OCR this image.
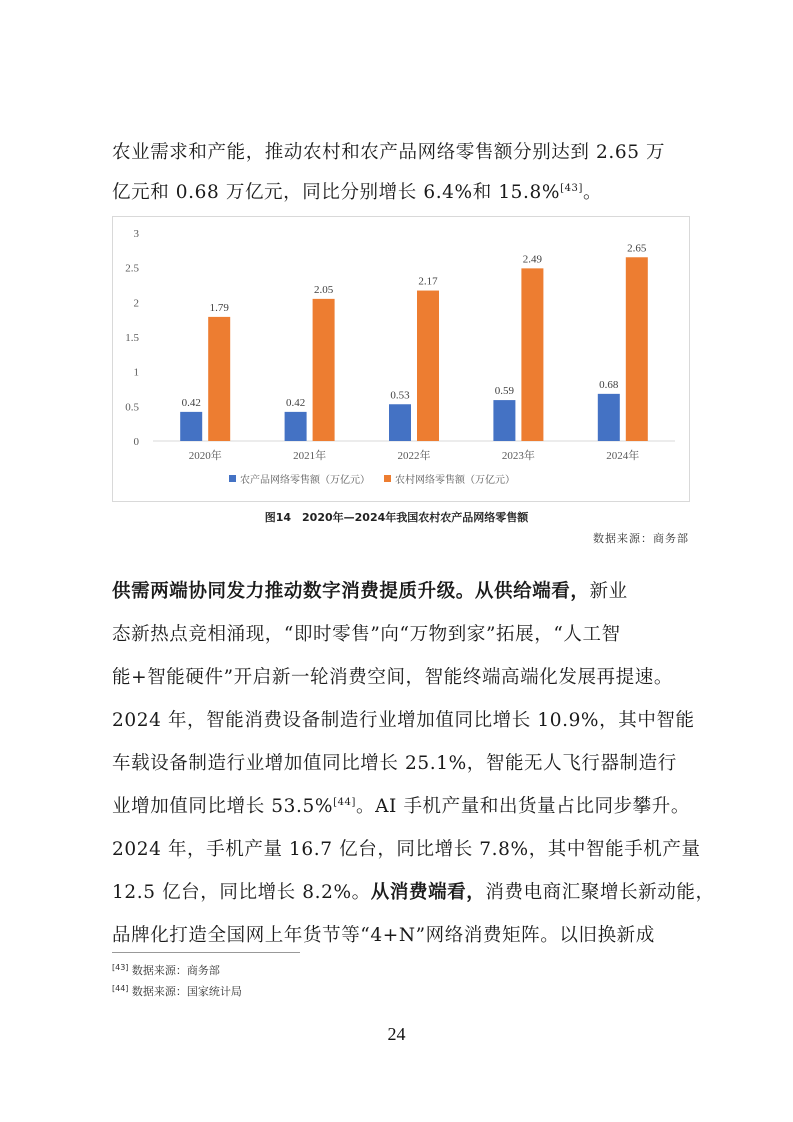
农业需求和产能，推动农村和农产品网络零售额分别达到 2.65 万
亿元和 0.68 万亿元，同比分别增长 6.4%和 15.8%[43]。
0
0.5
1
1.5
2
2.5
3
0.42
1.79
2020年
0.42
2.05
2021年
0.53
2.17
2022年
0.59
2.49
2023年
0.68
2.65
2024年
农产品网络零售额（万亿元）	农村网络零售额（万亿元）
图14　2020年—2024年我国农村农产品网络零售额
数据来源：商务部
供需两端协同发力推动数字消费提质升级。从供给端看，新业
态新热点竞相涌现，“即时零售”向“万物到家”拓展，“人工智
能+智能硬件”开启新一轮消费空间，智能终端高端化发展再提速。
2024 年，智能消费设备制造行业增加值同比增长 10.9%，其中智能
车载设备制造行业增加值同比增长 25.1%，智能无人飞行器制造行
业增加值同比增长 53.5%[44]。AI 手机产量和出货量占比同步攀升。
2024 年，手机产量 16.7 亿台，同比增长 7.8%，其中智能手机产量
12.5 亿台，同比增长 8.2%。从消费端看，消费电商汇聚增长新动能，
品牌化打造全国网上年货节等“4+N”网络消费矩阵。以旧换新成
[43] 数据来源：商务部
[44] 数据来源：国家统计局
24
